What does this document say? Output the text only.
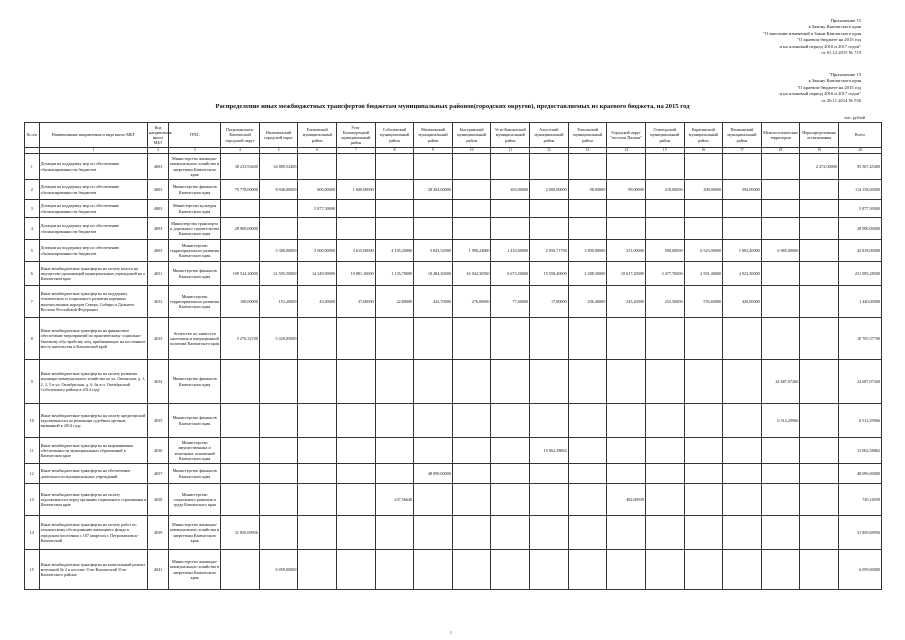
Приложение 15
к Закону Камчатского края
"О внесении изменений в Закон Камчатского края
"О краевом бюджете на 2015 год
и на плановый период 2016 и 2017 годов"
от 01.12.2015 № 719
"Приложение 15
к Закону Камчатского края
"О краевом бюджете на 2015 год
и на плановый период 2016 и 2017 годов"
от 26.11.2014 № 536
Распределение иных межбюджетных трансфертов бюджетам муниципальных районов(городских округов), предоставляемых из краевого бюджета, на 2015 год
тыс. рублей
№ п/п	Наименование направления и вида иного МБТ	Код направления иного МБТ	ГРБС	Петропавловск-Камчатский городской округ	Вилючинский городской округ	Елизовский муниципальный район	Усть-Большерецкий муниципальный район	Соболевский муниципальный район	Мильковский муниципальный район	Быстринский муниципальный район	Усть-Камчатский муниципальный район	Алеутский муниципальный район	Тигильский муниципальный район	Городской округ "поселок Палана"	Олюторский муниципальный район	Карагинский муниципальный район	Пенжинский муниципальный район	Межпоселенческие территории	Нераспределенные ассигнования	Всего
	1	2	3	4	5	6	7	8	9	10	11	12	13	14	15	16	17	18	19	20
1	Дотации на поддержку мер по обеспечению сбалансированности бюджетов	4003	Министерство жилищно-коммунального хозяйства и энергетики Камчатского края	38 233,93400	34 889,52400														2 472,00000	95 567,45400
2	Дотации на поддержку мер по обеспечению сбалансированности бюджетов	4003	Министерство финансов Камчатского края	79 778,00000	8 946,00000	800,00000	1 600,00000		28 204,00000		203,00000	2 000,00000	98,00000	99,00000	218,00000	209,00000	594,00000			114 158,00000
3	Дотации на поддержку мер по обеспечению сбалансированности бюджетов	4003	Министерство культуры Камчатского края			5 877,30000														5 877,30000
4	Дотации на поддержку мер по обеспечению сбалансированности бюджетов	4003	Министерство транспорта и дорожного строительства Камчатского края	28 900,00000																28 900,00000
5	Дотации на поддержку мер по обеспечению сбалансированности бюджетов	4003	Министерство территориального развития Камчатского края		5 300,00000	5 000,00000	3 615,00000	4 105,20000	5 843,52000	1 990,24000	1 410,00000	2 050,71790	3 800,00000	551,00000	500,00000	6 523,00000	1 003,40000	6 985,00000		42 818,00000
6	Иные межбюджетные трансферты на оплату налога на имущество организаций муниципальных учреждений на о Камчатском крае	4031	Министерство финансов Камчатского края	109 524,20000	21 595,50000	14 249,90000	10 881,10000	1 135,70000	18 484,30000	16 044,30500	6 673,50000	19 558,40000	2 288,30000	10 617,20000	3 477,70000	2 591,40000	4 923,30000			231 995,28500
7	Иные межбюджетные трансферты на поддержку технического и социального развития коренных малочисленных народов Севера, Сибири и Дальнего Востока Российской Федерации	4032	Министерство территориального развития Камчатского края	108,00000	153,20000	43,00000	37,60000	22,80000	422,70000	276,00000	77,60000	17,80000	206,40000	343,20000	252,50000	576,60000	420,00000			1 440,00000
8	Иные межбюджетные трансферты на финансовое обеспечение мероприятий по практическому социально-бытовому обустройству лиц, прибывающих на постоянное место жительства в Камчатский край	4033	Агентство по занятости населения и миграционной политике Камчатского края	5 276,32700	5 429,05000															10 705,37700
9	Иные межбюджетные трансферты на оплату развития жилищно-коммунального хозяйства по ул. Океанская, д. 1, 2, 3, 5 и ул. Октябрьская, д. 6, 6а в п. Октябрьский Соболевского района в 2014 году	4034	Министерство финансов Камчатского края															24 687,07260		24 687,07260
10	Иные межбюджетные трансферты на оплату кредиторской задолженности по решениям судебных органов, вызванной в 2014 году	4035	Министерство финансов Камчатского края															6 512,29966		6 512,29966
11	Иные межбюджетные трансферты на выравнивание обеспеченности муниципальных образований в Камчатском крае	4036	Министерство имущественных и земельных отношений Камчатского края									15 062,58862								15 062,58862
12	Иные межбюджетные трансферты на обеспечение деятельности муниципальных учреждений	4037	Министерство финансов Камчатского края						48 090,00000											48 090,00000
13	Иные межбюджетные трансферты на оплату задолженности перед органами социального страхования в Камчатском крае	4038	Министерство социального развития и труда Камчатского края					237,56640						482,60939						720,16939
14	Иные межбюджетные трансферты на оплату работ по техническому обследованию жилищного фонда в городском поселении с 107 квартала г. Петропавловск-Камчатский	4039	Министерство жилищно-коммунального хозяйства и энергетики Камчатского края	31 856,69956																31 856,69956
15	Иные межбюджетные трансферты на капитальный ремонт котельной № 2 в поселке Усть-Камчатский Усть-Камчатского района	4041	Министерство жилищно-коммунального хозяйства и энергетики Камчатского края		6 059,00000															6 059,00000
1
